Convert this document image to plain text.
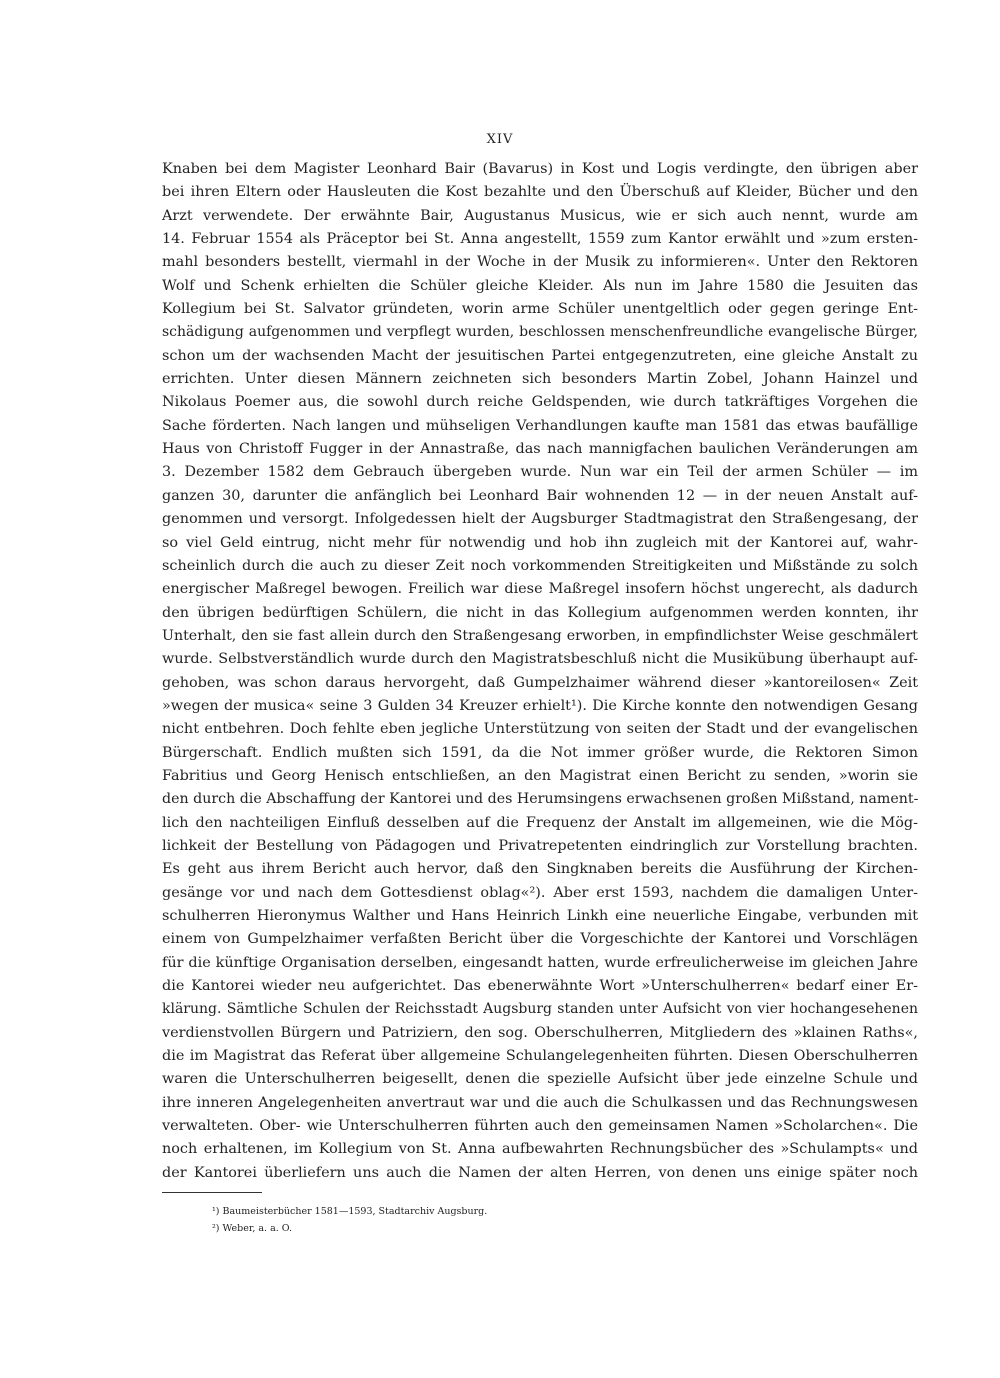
XIV
Knaben bei dem Magister Leonhard Bair (Bavarus) in Kost und Logis verdingte, den übrigen aber
bei ihren Eltern oder Hausleuten die Kost bezahlte und den Überschuß auf Kleider, Bücher und den
Arzt verwendete. Der erwähnte Bair, Augustanus Musicus, wie er sich auch nennt, wurde am
14. Februar 1554 als Präceptor bei St. Anna angestellt, 1559 zum Kantor erwählt und »zum ersten-
mahl besonders bestellt, viermahl in der Woche in der Musik zu informieren«. Unter den Rektoren
Wolf und Schenk erhielten die Schüler gleiche Kleider. Als nun im Jahre 1580 die Jesuiten das
Kollegium bei St. Salvator gründeten, worin arme Schüler unentgeltlich oder gegen geringe Ent-
schädigung aufgenommen und verpflegt wurden, beschlossen menschenfreundliche evangelische Bürger,
schon um der wachsenden Macht der jesuitischen Partei entgegenzutreten, eine gleiche Anstalt zu
errichten. Unter diesen Männern zeichneten sich besonders Martin Zobel, Johann Hainzel und
Nikolaus Poemer aus, die sowohl durch reiche Geldspenden, wie durch tatkräftiges Vorgehen die
Sache förderten. Nach langen und mühseligen Verhandlungen kaufte man 1581 das etwas baufällige
Haus von Christoff Fugger in der Annastraße, das nach mannigfachen baulichen Veränderungen am
3. Dezember 1582 dem Gebrauch übergeben wurde. Nun war ein Teil der armen Schüler — im
ganzen 30, darunter die anfänglich bei Leonhard Bair wohnenden 12 — in der neuen Anstalt auf-
genommen und versorgt. Infolgedessen hielt der Augsburger Stadtmagistrat den Straßengesang, der
so viel Geld eintrug, nicht mehr für notwendig und hob ihn zugleich mit der Kantorei auf, wahr-
scheinlich durch die auch zu dieser Zeit noch vorkommenden Streitigkeiten und Mißstände zu solch
energischer Maßregel bewogen. Freilich war diese Maßregel insofern höchst ungerecht, als dadurch
den übrigen bedürftigen Schülern, die nicht in das Kollegium aufgenommen werden konnten, ihr
Unterhalt, den sie fast allein durch den Straßengesang erworben, in empfindlichster Weise geschmälert
wurde. Selbstverständlich wurde durch den Magistratsbeschluß nicht die Musikübung überhaupt auf-
gehoben, was schon daraus hervorgeht, daß Gumpelzhaimer während dieser »kantoreilosen« Zeit
»wegen der musica« seine 3 Gulden 34 Kreuzer erhielt¹). Die Kirche konnte den notwendigen Gesang
nicht entbehren. Doch fehlte eben jegliche Unterstützung von seiten der Stadt und der evangelischen
Bürgerschaft. Endlich mußten sich 1591, da die Not immer größer wurde, die Rektoren Simon
Fabritius und Georg Henisch entschließen, an den Magistrat einen Bericht zu senden, »worin sie
den durch die Abschaffung der Kantorei und des Herumsingens erwachsenen großen Mißstand, nament-
lich den nachteiligen Einfluß desselben auf die Frequenz der Anstalt im allgemeinen, wie die Mög-
lichkeit der Bestellung von Pädagogen und Privatrepetenten eindringlich zur Vorstellung brachten.
Es geht aus ihrem Bericht auch hervor, daß den Singknaben bereits die Ausführung der Kirchen-
gesänge vor und nach dem Gottesdienst oblag«²). Aber erst 1593, nachdem die damaligen Unter-
schulherren Hieronymus Walther und Hans Heinrich Linkh eine neuerliche Eingabe, verbunden mit
einem von Gumpelzhaimer verfaßten Bericht über die Vorgeschichte der Kantorei und Vorschlägen
für die künftige Organisation derselben, eingesandt hatten, wurde erfreulicherweise im gleichen Jahre
die Kantorei wieder neu aufgerichtet. Das ebenerwähnte Wort »Unterschulherren« bedarf einer Er-
klärung. Sämtliche Schulen der Reichsstadt Augsburg standen unter Aufsicht von vier hochangesehenen
verdienstvollen Bürgern und Patriziern, den sog. Oberschulherren, Mitgliedern des »klainen Raths«,
die im Magistrat das Referat über allgemeine Schulangelegenheiten führten. Diesen Oberschulherren
waren die Unterschulherren beigesellt, denen die spezielle Aufsicht über jede einzelne Schule und
ihre inneren Angelegenheiten anvertraut war und die auch die Schulkassen und das Rechnungswesen
verwalteten. Ober- wie Unterschulherren führten auch den gemeinsamen Namen »Scholarchen«. Die
noch erhaltenen, im Kollegium von St. Anna aufbewahrten Rechnungsbücher des »Schulampts« und
der Kantorei überliefern uns auch die Namen der alten Herren, von denen uns einige später noch
¹) Baumeisterbücher 1581—1593, Stadtarchiv Augsburg.
²) Weber, a. a. O.
